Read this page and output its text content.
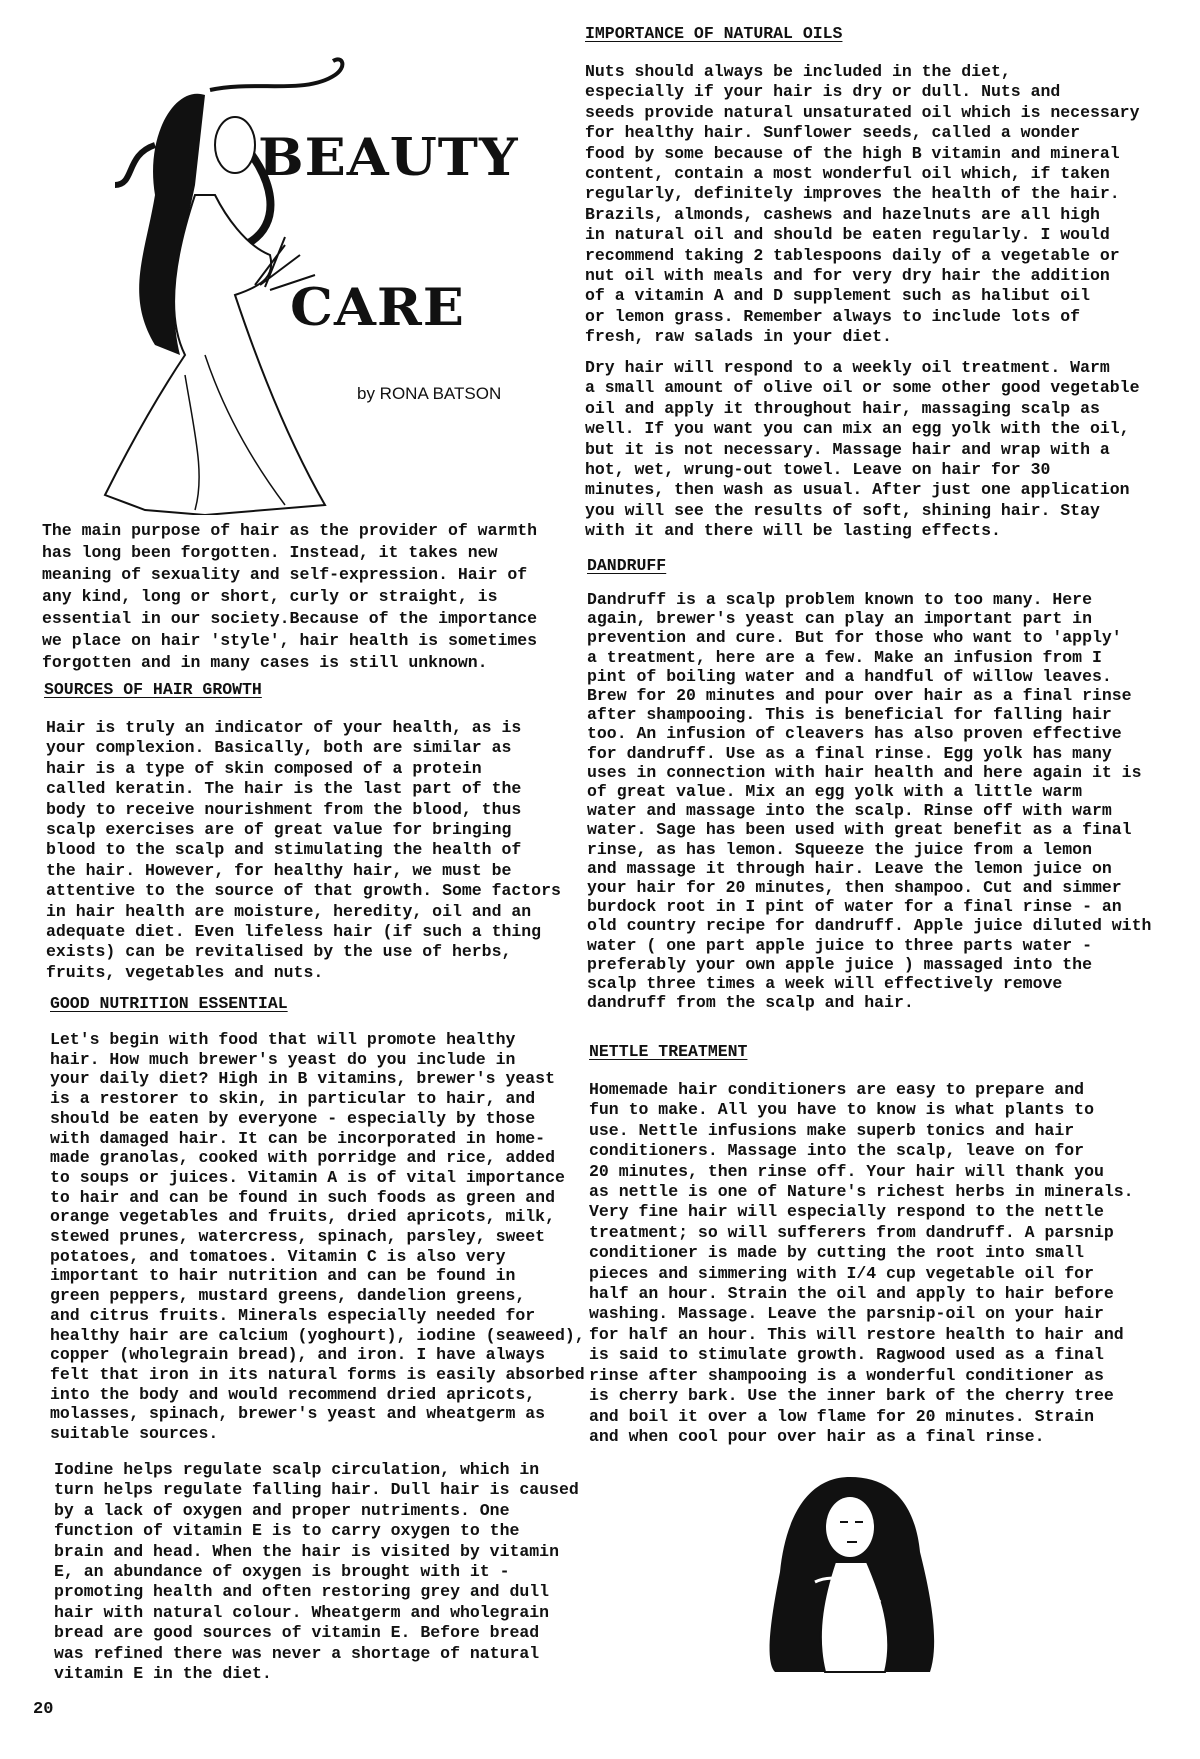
BEAUTY
CARE
by RONA BATSON
The main purpose of hair as the provider of warmth
has long been forgotten. Instead, it takes new
meaning of sexuality and self-expression. Hair of
any kind, long or short, curly or straight, is
essential in our society.Because of the importance
we place on hair 'style', hair health is sometimes
forgotten and in many cases is still unknown.
SOURCES OF HAIR GROWTH
Hair is truly an indicator of your health, as is
your complexion. Basically, both are similar as
hair is a type of skin composed of a protein
called keratin. The hair is the last part of the
body to receive nourishment from the blood, thus
scalp exercises are of great value for bringing
blood to the scalp and stimulating the health of
the hair. However, for healthy hair, we must be
attentive to the source of that growth. Some factors
in hair health are moisture, heredity, oil and an
adequate diet. Even lifeless hair (if such a thing
exists) can be revitalised by the use of herbs,
fruits, vegetables and nuts.
GOOD NUTRITION ESSENTIAL
Let's begin with food that will promote healthy
hair. How much brewer's yeast do you include in
your daily diet? High in B vitamins, brewer's yeast
is a restorer to skin, in particular to hair, and
should be eaten by everyone - especially by those
with damaged hair. It can be incorporated in home-
made granolas, cooked with porridge and rice, added
to soups or juices. Vitamin A is of vital importance
to hair and can be found in such foods as green and
orange vegetables and fruits, dried apricots, milk,
stewed prunes, watercress, spinach, parsley, sweet
potatoes, and tomatoes. Vitamin C is also very
important to hair nutrition and can be found in
green peppers, mustard greens, dandelion greens,
and citrus fruits. Minerals especially needed for
healthy hair are calcium (yoghourt), iodine (seaweed),
copper (wholegrain bread), and iron. I have always
felt that iron in its natural forms is easily absorbed
into the body and would recommend dried apricots,
molasses, spinach, brewer's yeast and wheatgerm as
suitable sources.
Iodine helps regulate scalp circulation, which in
turn helps regulate falling hair. Dull hair is caused
by a lack of oxygen and proper nutriments. One
function of vitamin E is to carry oxygen to the
brain and head. When the hair is visited by vitamin
E, an abundance of oxygen is brought with it -
promoting health and often restoring grey and dull
hair with natural colour. Wheatgerm and wholegrain
bread are good sources of vitamin E. Before bread
was refined there was never a shortage of natural
vitamin E in the diet.
20
IMPORTANCE OF NATURAL OILS
Nuts should always be included in the diet,
especially if your hair is dry or dull. Nuts and
seeds provide natural unsaturated oil which is necessary
for healthy hair. Sunflower seeds, called a wonder
food by some because of the high B vitamin and mineral
content, contain a most wonderful oil which, if taken
regularly, definitely improves the health of the hair.
Brazils, almonds, cashews and hazelnuts are all high
in natural oil and should be eaten regularly. I would
recommend taking 2 tablespoons daily of a vegetable or
nut oil with meals and for very dry hair the addition
of a vitamin A and D supplement such as halibut oil
or lemon grass. Remember always to include lots of
fresh, raw salads in your diet.
Dry hair will respond to a weekly oil treatment. Warm
a small amount of olive oil or some other good vegetable
oil and apply it throughout hair, massaging scalp as
well. If you want you can mix an egg yolk with the oil,
but it is not necessary. Massage hair and wrap with a
hot, wet, wrung-out towel. Leave on hair for 30
minutes, then wash as usual. After just one application
you will see the results of soft, shining hair. Stay
with it and there will be lasting effects.
DANDRUFF
Dandruff is a scalp problem known to too many. Here
again, brewer's yeast can play an important part in
prevention and cure. But for those who want to 'apply'
a treatment, here are a few. Make an infusion from I
pint of boiling water and a handful of willow leaves.
Brew for 20 minutes and pour over hair as a final rinse
after shampooing. This is beneficial for falling hair
too. An infusion of cleavers has also proven effective
for dandruff. Use as a final rinse. Egg yolk has many
uses in connection with hair health and here again it is
of great value. Mix an egg yolk with a little warm
water and massage into the scalp. Rinse off with warm
water. Sage has been used with great benefit as a final
rinse, as has lemon. Squeeze the juice from a lemon
and massage it through hair. Leave the lemon juice on
your hair for 20 minutes, then shampoo. Cut and simmer
burdock root in I pint of water for a final rinse - an
old country recipe for dandruff. Apple juice diluted with
water ( one part apple juice to three parts water -
preferably your own apple juice ) massaged into the
scalp three times a week will effectively remove
dandruff from the scalp and hair.
NETTLE TREATMENT
Homemade hair conditioners are easy to prepare and
fun to make. All you have to know is what plants to
use. Nettle infusions make superb tonics and hair
conditioners. Massage into the scalp, leave on for
20 minutes, then rinse off. Your hair will thank you
as nettle is one of Nature's richest herbs in minerals.
Very fine hair will especially respond to the nettle
treatment; so will sufferers from dandruff. A parsnip
conditioner is made by cutting the root into small
pieces and simmering with I/4 cup vegetable oil for
half an hour. Strain the oil and apply to hair before
washing. Massage. Leave the parsnip-oil on your hair
for half an hour. This will restore health to hair and
is said to stimulate growth. Ragwood used as a final
rinse after shampooing is a wonderful conditioner as
is cherry bark. Use the inner bark of the cherry tree
and boil it over a low flame for 20 minutes. Strain
and when cool pour over hair as a final rinse.
